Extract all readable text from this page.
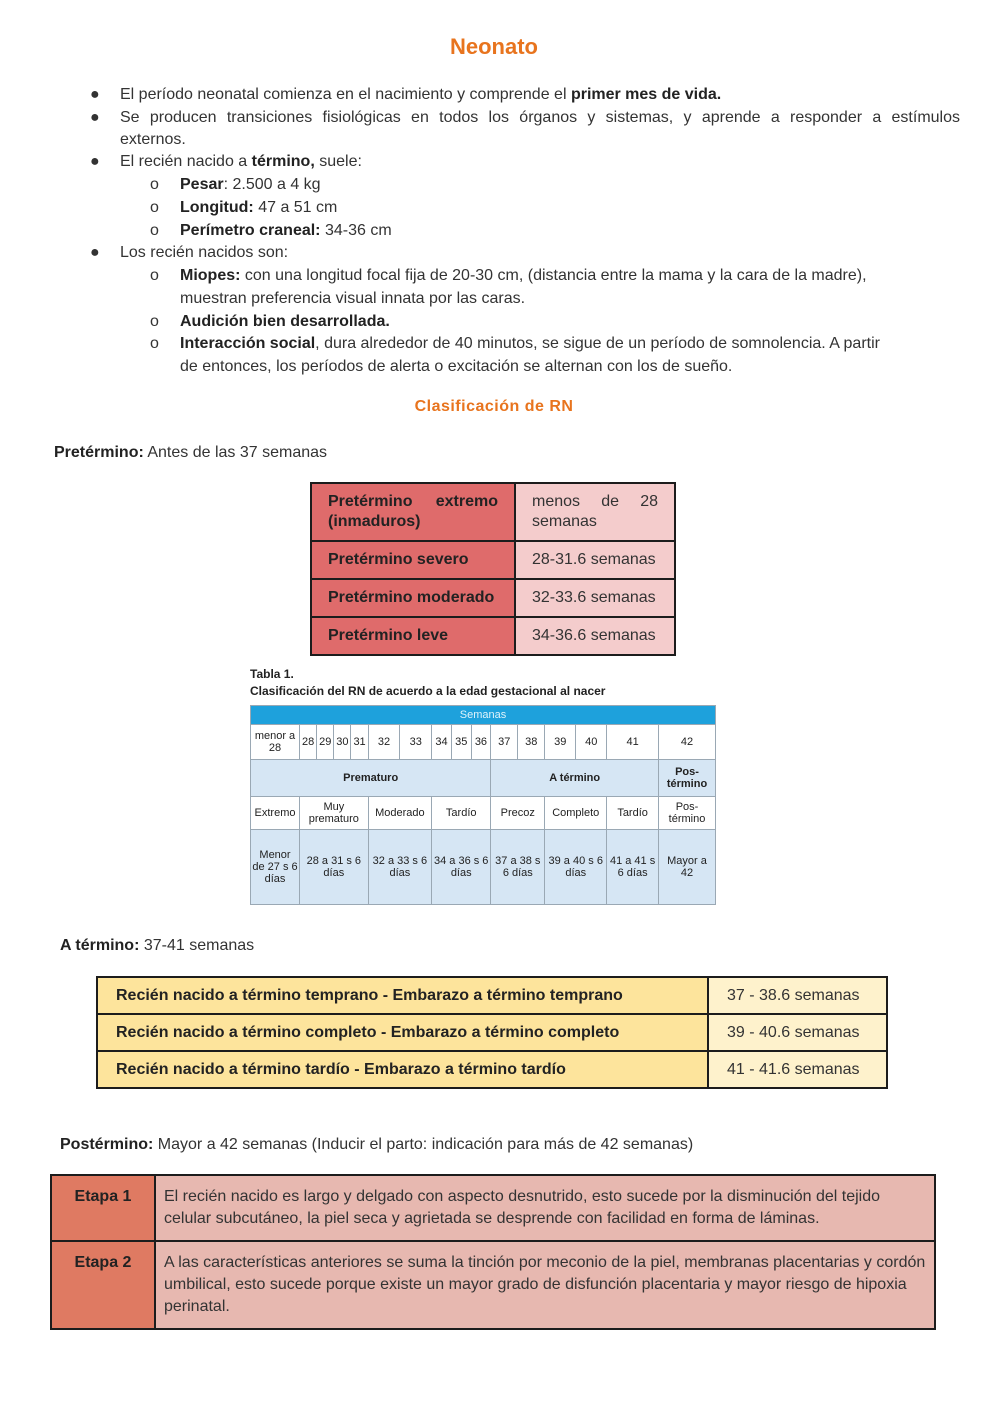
Neonato
●	El período neonatal comienza en el nacimiento y comprende el primer mes de vida.
●	Se producen transiciones fisiológicas en todos los órganos y sistemas, y aprende a responder a estímulos
externos.
●	El recién nacido a término, suele:
o	Pesar: 2.500 a 4 kg
o	Longitud: 47 a 51 cm
o	Perímetro craneal: 34-36 cm
●	Los recién nacidos son:
o	Miopes: con una longitud focal fija de 20-30 cm, (distancia entre la mama y la cara de la madre),
muestran preferencia visual innata por las caras.
o	Audición bien desarrollada.
o	Interacción social, dura alrededor de 40 minutos, se sigue de un período de somnolencia. A partir
de entonces, los períodos de alerta o excitación se alternan con los de sueño.
Clasificación de RN
Pretérmino: Antes de las 37 semanas
Pretérmino extremo (inmaduros)	menos de 28 semanas
Pretérmino severo	28-31.6 semanas
Pretérmino moderado	32-33.6 semanas
Pretérmino leve	34-36.6 semanas
Tabla 1.
Clasificación del RN de acuerdo a la edad gestacional al nacer
Semanas															
menor a 28	28	29	30	31	32	33	34	35	36	37	38	39	40	41	42
Prematuro										A término					Pos-término
Extremo	Muy prematuro				Moderado		Tardío			Precoz		Completo		Tardío	Pos-término
Menor de 27 s 6 días	28 a 31 s 6 días				32 a 33 s 6 días		34 a 36 s 6 días			37 a 38 s 6 días		39 a 40 s 6 días		41 a 41 s 6 días	Mayor a 42
A término: 37-41 semanas
Recién nacido a término temprano - Embarazo a término temprano	37 - 38.6 semanas
Recién nacido a término completo - Embarazo a término completo	39 - 40.6 semanas
Recién nacido a término tardío - Embarazo a término tardío	41 - 41.6 semanas
Postérmino: Mayor a 42 semanas (Inducir el parto: indicación para más de 42 semanas)
Etapa 1	El recién nacido es largo y delgado con aspecto desnutrido, esto sucede por la disminución del tejido celular subcutáneo, la piel seca y agrietada se desprende con facilidad en forma de láminas.
Etapa 2	A las características anteriores se suma la tinción por meconio de la piel, membranas placentarias y cordón umbilical, esto sucede porque existe un mayor grado de disfunción placentaria y mayor riesgo de hipoxia perinatal.
